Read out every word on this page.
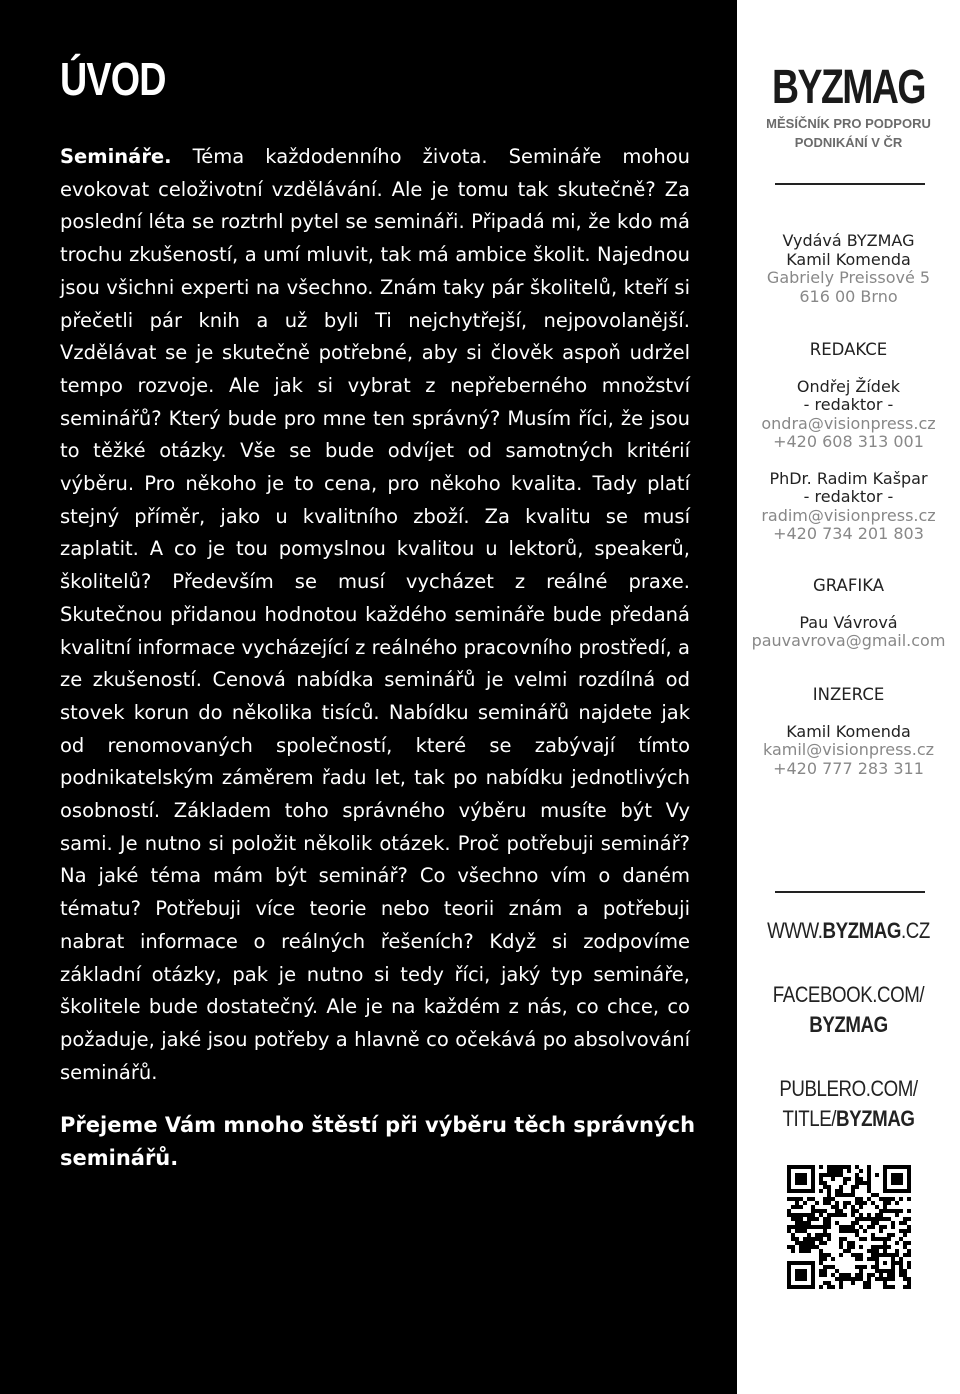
ÚVOD

Semináře. Téma každodenního života. Semináře mohou evokovat celoživotní vzdělávání. Ale je tomu tak skutečně? Za poslední léta se roztrhl pytel se semináři. Připadá mi, že kdo má trochu zkušeností, a umí mluvit, tak má ambice školit. Najednou jsou všichni experti na všechno. Znám taky pár školitelů, kteří si přečetli pár knih a už byli Ti nejchytřejší, nejpovolanější. Vzdělávat se je skutečně potřebné, aby si člověk aspoň udržel tempo rozvoje. Ale jak si vybrat z nepřeberného množství seminářů? Který bude pro mne ten správný? Musím říci, že jsou to těžké otázky. Vše se bude odvíjet od samotných kritérií výběru. Pro někoho je to cena, pro někoho kvalita. Tady platí stejný příměr, jako u kvalitního zboží. Za kvalitu se musí zaplatit. A co je tou pomyslnou kvalitou u lektorů, speakerů, školitelů? Především se musí vycházet z reálné praxe. Skutečnou přidanou hodnotou každého semináře bude předaná kvalitní informace vycházející z reálného pracovního prostředí, a ze zkušeností. Cenová nabídka seminářů je velmi rozdílná od stovek korun do několika tisíců. Nabídku seminářů najdete jak od renomovaných společností, které se zabývají tímto podnikatelským záměrem řadu let, tak po nabídku jednotlivých osobností. Základem toho správného výběru musíte být Vy sami. Je nutno si položit několik otázek. Proč potřebuji seminář? Na jaké téma mám být seminář? Co všechno vím o daném tématu? Potřebuji více teorie nebo teorii znám a potřebuji nabrat informace o reálných řešeních? Když si zodpovíme základní otázky, pak je nutno si tedy říci, jaký typ semináře, školitele bude dostatečný. Ale je na každém z nás, co chce, co požaduje, jaké jsou potřeby a hlavně co očekává po absolvování seminářů.

Přejeme Vám mnoho štěstí při výběru těch správných seminářů.

BYZMAG
MĚSÍČNÍK PRO PODPORU
PODNIKÁNÍ V ČR
Vydává BYZMAG
Kamil Komenda
Gabriely Preissové 5
616 00 Brno
REDAKCE
Ondřej Žídek
- redaktor -
ondra@visionpress.cz
+420 608 313 001
PhDr. Radim Kašpar
- redaktor -
radim@visionpress.cz
+420 734 201 803
GRAFIKA
Pau Vávrová
pauvavrova@gmail.com
INZERCE
Kamil Komenda
kamil@visionpress.cz
+420 777 283 311
WWW.BYZMAG.CZ
FACEBOOK.COM/
BYZMAG
PUBLERO.COM/
TITLE/BYZMAG
